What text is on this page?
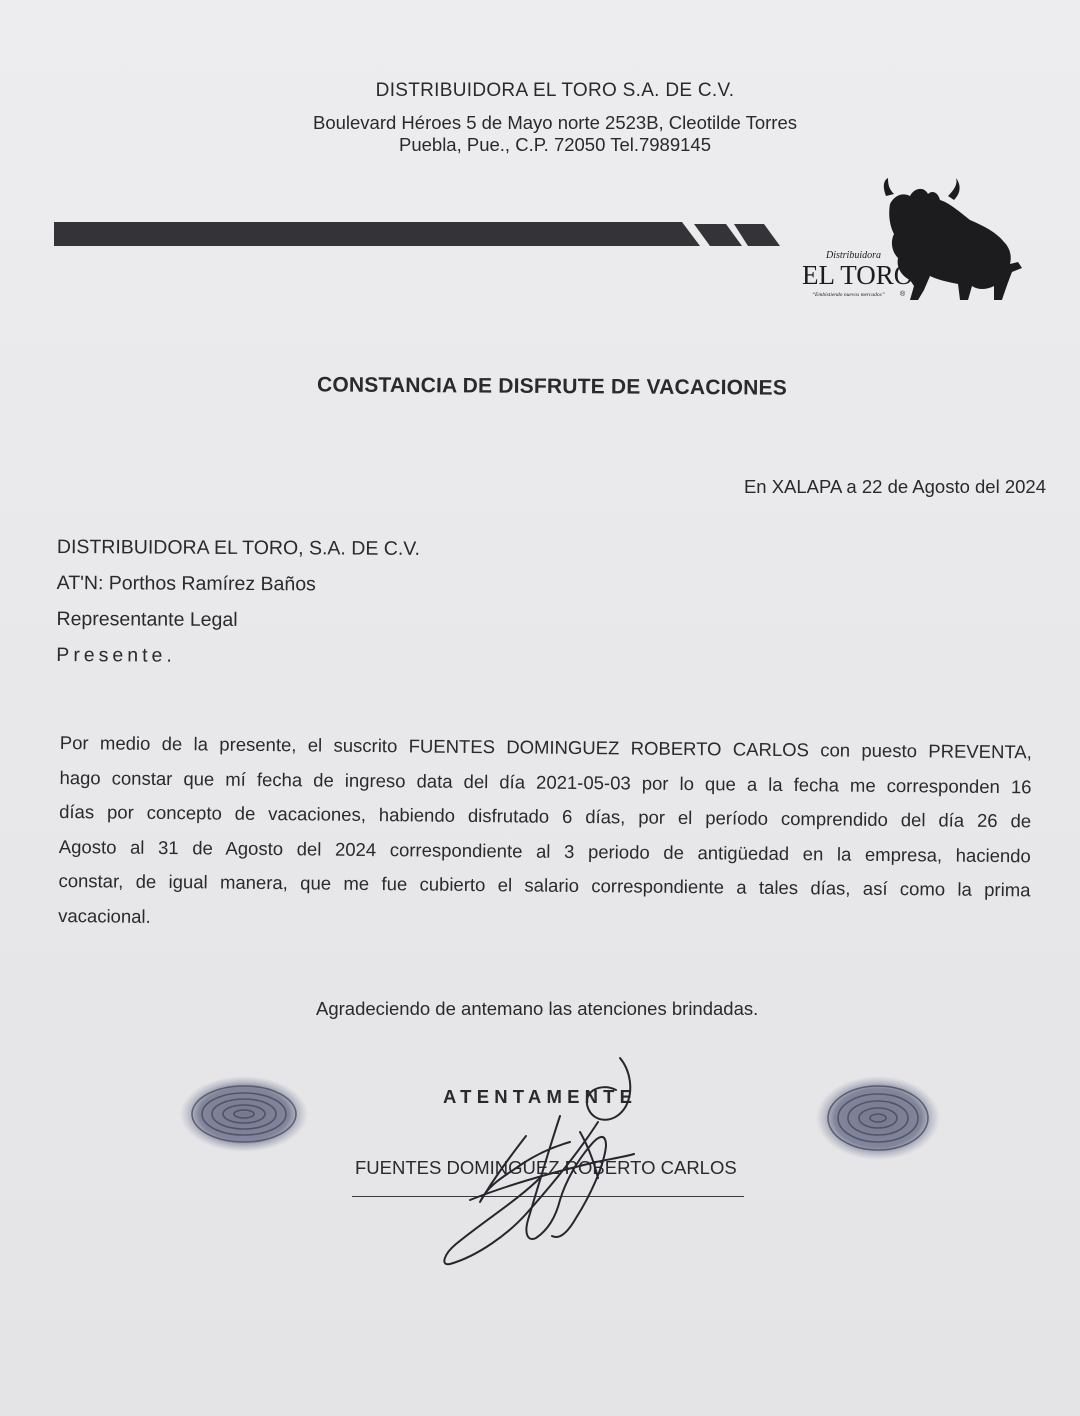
DISTRIBUIDORA EL TORO S.A. DE C.V.
Boulevard Héroes 5 de Mayo norte 2523B, Cleotilde Torres
Puebla, Pue., C.P. 72050 Tel.7989145
Distribuidora
EL TORO
“Embistiendo nuevos mercados” ®
CONSTANCIA DE DISFRUTE DE VACACIONES
En XALAPA a 22 de Agosto del 2024
DISTRIBUIDORA EL TORO, S.A. DE C.V.
AT'N: Porthos Ramírez Baños
Representante Legal
Presente.
Por medio de la presente, el suscrito FUENTES DOMINGUEZ ROBERTO CARLOS con puesto PREVENTA,
hago constar que mí fecha de ingreso data del día 2021-05-03 por lo que a la fecha me corresponden 16
días por concepto de vacaciones, habiendo disfrutado 6 días, por el período comprendido del día 26 de
Agosto al 31 de Agosto del 2024 correspondiente al 3 periodo de antigüedad en la empresa, haciendo
constar, de igual manera, que me fue cubierto el salario correspondiente a tales días, así como la prima
vacacional.
Agradeciendo de antemano las atenciones brindadas.
ATENTAMENTE
FUENTES DOMINGUEZ ROBERTO CARLOS
